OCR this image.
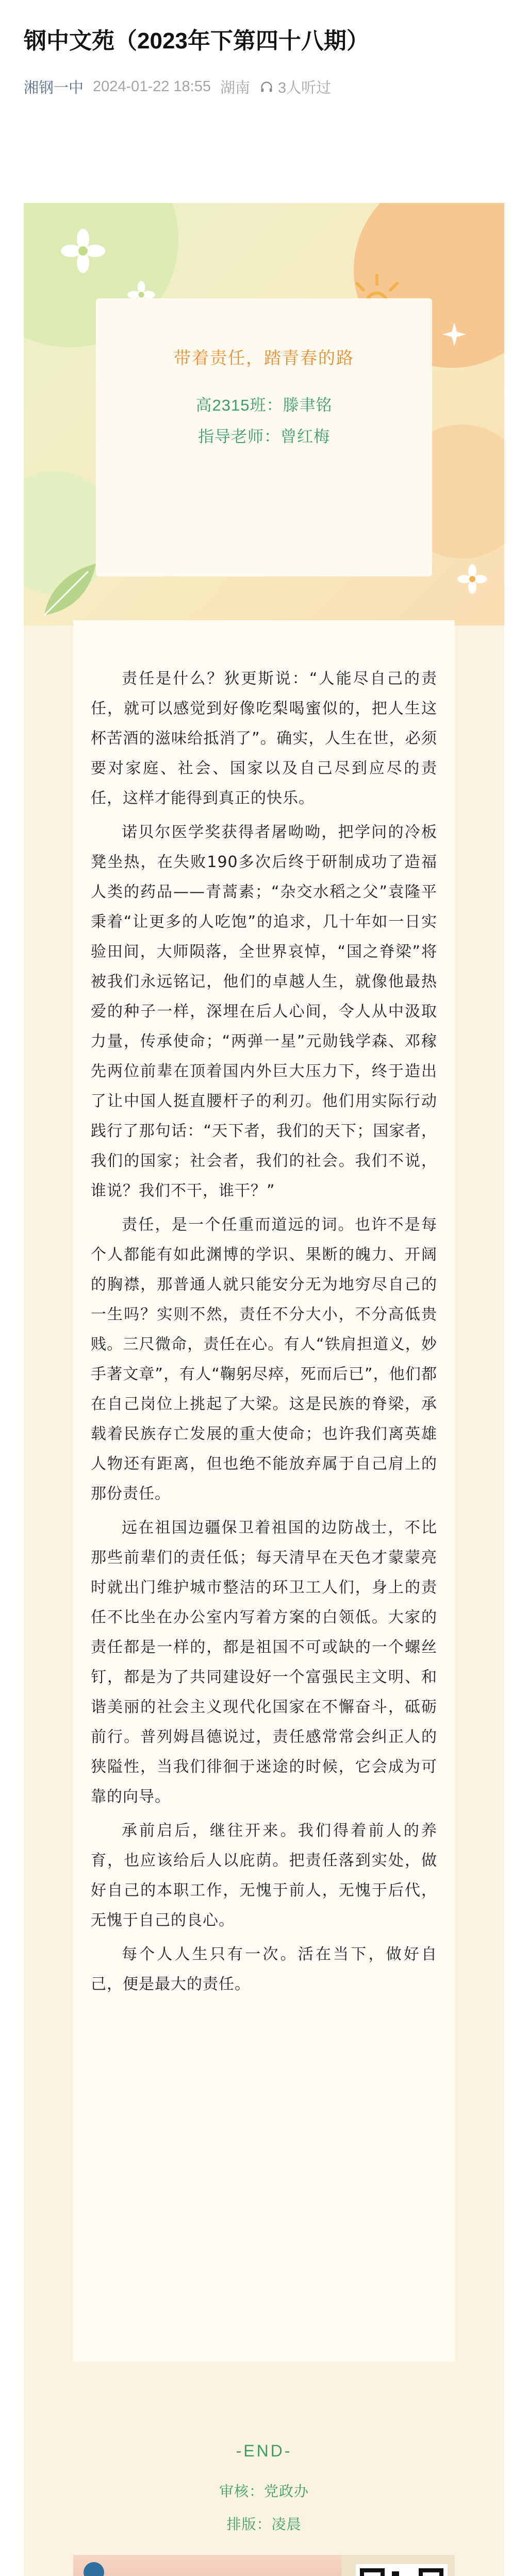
钢中文苑（2023年下第四十八期）
湘钢一中 2024-01-22 18:55 湖南 3人听过
带着责任，踏青春的路
高2315班：滕聿铭
指导老师：曾红梅

责任是什么？狄更斯说：“人能尽自己的责任，就可以感觉到好像吃梨喝蜜似的，把人生这杯苦酒的滋味给抵消了”。确实，人生在世，必须要对家庭、社会、国家以及自己尽到应尽的责任，这样才能得到真正的快乐。

诺贝尔医学奖获得者屠呦呦，把学问的冷板凳坐热，在失败190多次后终于研制成功了造福人类的药品——青蒿素；“杂交水稻之父”袁隆平秉着“让更多的人吃饱”的追求，几十年如一日实验田间，大师陨落，全世界哀悼，“国之脊梁”将被我们永远铭记，他们的卓越人生，就像他最热爱的种子一样，深埋在后人心间，令人从中汲取力量，传承使命；“两弹一星”元勋钱学森、邓稼先两位前辈在顶着国内外巨大压力下，终于造出了让中国人挺直腰杆子的利刃。他们用实际行动践行了那句话：“天下者，我们的天下；国家者，我们的国家；社会者，我们的社会。我们不说，谁说？我们不干，谁干？”

责任，是一个任重而道远的词。也许不是每个人都能有如此渊博的学识、果断的魄力、开阔的胸襟，那普通人就只能安分无为地穷尽自己的一生吗？实则不然，责任不分大小，不分高低贵贱。三尺微命，责任在心。有人“铁肩担道义，妙手著文章”，有人“鞠躬尽瘁，死而后已”，他们都在自己岗位上挑起了大梁。这是民族的脊梁，承载着民族存亡发展的重大使命；也许我们离英雄人物还有距离，但也绝不能放弃属于自己肩上的那份责任。

远在祖国边疆保卫着祖国的边防战士，不比那些前辈们的责任低；每天清早在天色才蒙蒙亮时就出门维护城市整洁的环卫工人们，身上的责任不比坐在办公室内写着方案的白领低。大家的责任都是一样的，都是祖国不可或缺的一个螺丝钉，都是为了共同建设好一个富强民主文明、和谐美丽的社会主义现代化国家在不懈奋斗，砥砺前行。普列姆昌德说过，责任感常常会纠正人的狭隘性，当我们徘徊于迷途的时候，它会成为可靠的向导。

承前启后，继往开来。我们得着前人的养育，也应该给后人以庇荫。把责任落到实处，做好自己的本职工作，无愧于前人，无愧于后代，无愧于自己的良心。

每个人人生只有一次。活在当下，做好自己，便是最大的责任。

-END-
审核：党政办
排版：凌晨
